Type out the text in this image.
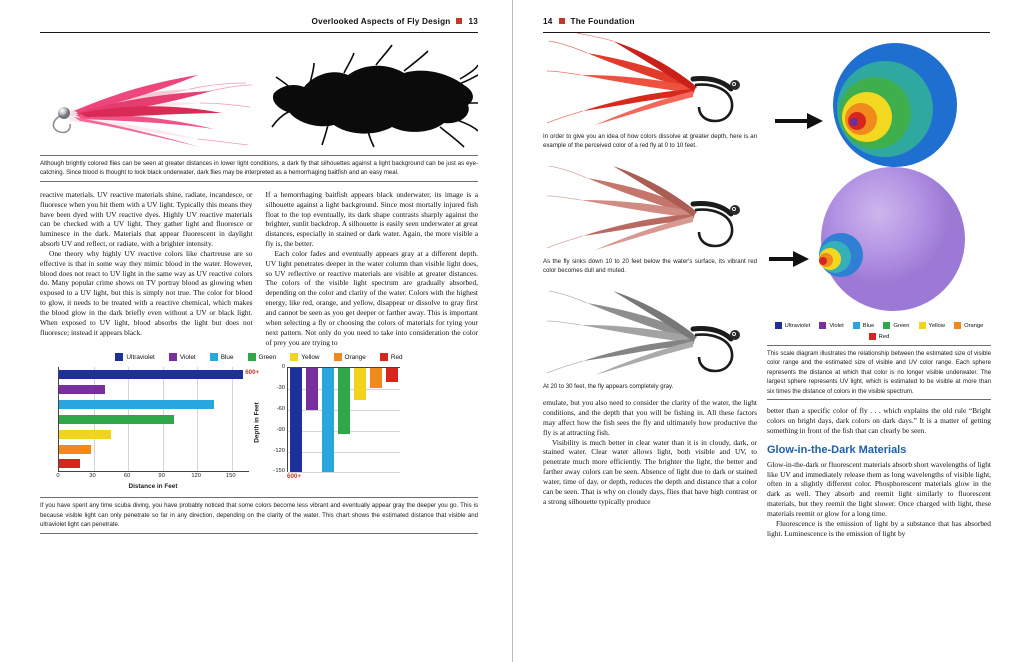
Overlooked Aspects of Fly Design 13
Although brightly colored flies can be seen at greater distances in lower light conditions, a dark fly that silhouettes against a light background can be just as eye-catching. Since blood is thought to look black underwater, dark flies may be interpreted as a hemorrhaging baitfish and an easy meal.

reactive materials. UV reactive materials shine, radiate, incandesce, or fluoresce when you hit them with a UV light. Typically this means they have been dyed with UV reactive dyes. Highly UV reactive materials can be checked with a UV light. They gather light and fluoresce or luminesce in the dark. Materials that appear fluorescent in daylight absorb UV and reflect, or radiate, with a brighter intensity.

One theory why highly UV reactive colors like chartreuse are so effective is that in some way they mimic blood in the water. However, blood does not react to UV light in the same way as UV reactive colors do. Many popular crime shows on TV portray blood as glowing when exposed to a UV light, but this is simply not true. The color for blood to glow, it needs to be treated with a reactive chemical, which makes the blood glow in the dark briefly even without a UV or black light. When exposed to UV light, blood absorbs the light but does not fluoresce; instead it appears black.

If a hemorrhaging baitfish appears black underwater, its image is a silhouette against a light background. Since most mortally injured fish float to the top eventually, its dark shape contrasts sharply against the brighter, sunlit backdrop. A silhouette is easily seen underwater at great distances, especially in stained or dark water. Again, the more visible a fly is, the better.

Each color fades and eventually appears gray at a different depth. UV light penetrates deeper in the water column than visible light does, so UV reflective or reactive materials are visible at greater distances. The colors of the visible light spectrum are gradually absorbed, depending on the color and clarity of the water. Colors with the highest energy, like red, orange, and yellow, disappear or dissolve to gray first and cannot be seen as you get deeper or farther away. This is important when selecting a fly or choosing the colors of materials for tying your next pattern. Not only do you need to take into consideration the color of prey you are trying to

Ultraviolet	Violet	Blue	Green	Yellow	Orange	Red
600+
Distance in Feet
0	30	60	90	120	150
Depth in Feet
600+
0
-30
-60
-90
-120
-150
If you have spent any time scuba diving, you have probably noticed that some colors become less vibrant and eventually appear gray the deeper you go. This is because visible light can only penetrate so far in any direction, depending on the clarity of the water. This chart shows the estimated distance that visible and ultraviolet light can penetrate.
14 The Foundation
In order to give you an idea of how colors dissolve at greater depth, here is an example of the perceived color of a red fly at 0 to 10 feet.
As the fly sinks down 10 to 20 feet below the water's surface, its vibrant red color becomes dull and muted.
At 20 to 30 feet, the fly appears completely gray.

emulate, but you also need to consider the clarity of the water, the light conditions, and the depth that you will be fishing in. All these factors may affect how the fish sees the fly and ultimately how productive the fly is at attracting fish.

Visibility is much better in clear water than it is in cloudy, dark, or stained water. Clear water allows light, both visible and UV, to penetrate much more efficiently. The brighter the light, the better and farther away colors can be seen. Absence of light due to dark or stained water, time of day, or depth, reduces the depth and distance that a color can be seen. That is why on cloudy days, flies that have high contrast or a strong silhouette typically produce

Ultraviolet	Violet	Blue	Green	Yellow	Orange
Red
This scale diagram illustrates the relationship between the estimated size of visible color range and the estimated size of visible and UV color range. Each sphere represents the distance at which that color is no longer visible underwater. The largest sphere represents UV light, which is estimated to be visible at more than six times the distance of colors in the visible spectrum.

better than a specific color of fly . . . which explains the old rule “Bright colors on bright days, dark colors on dark days.” It is a matter of getting something in front of the fish that can clearly be seen.

Glow-in-the-Dark Materials

Glow-in-the-dark or fluorescent materials absorb short wavelengths of light like UV and immediately release them as long wavelengths of visible light, often in a slightly different color. Phosphorescent materials glow in the dark as well. They absorb and reemit light similarly to fluorescent materials, but they reemit the light slower. Once charged with light, these materials reemit or glow for a long time.

Fluorescence is the emission of light by a substance that has absorbed light. Luminescence is the emission of light by
